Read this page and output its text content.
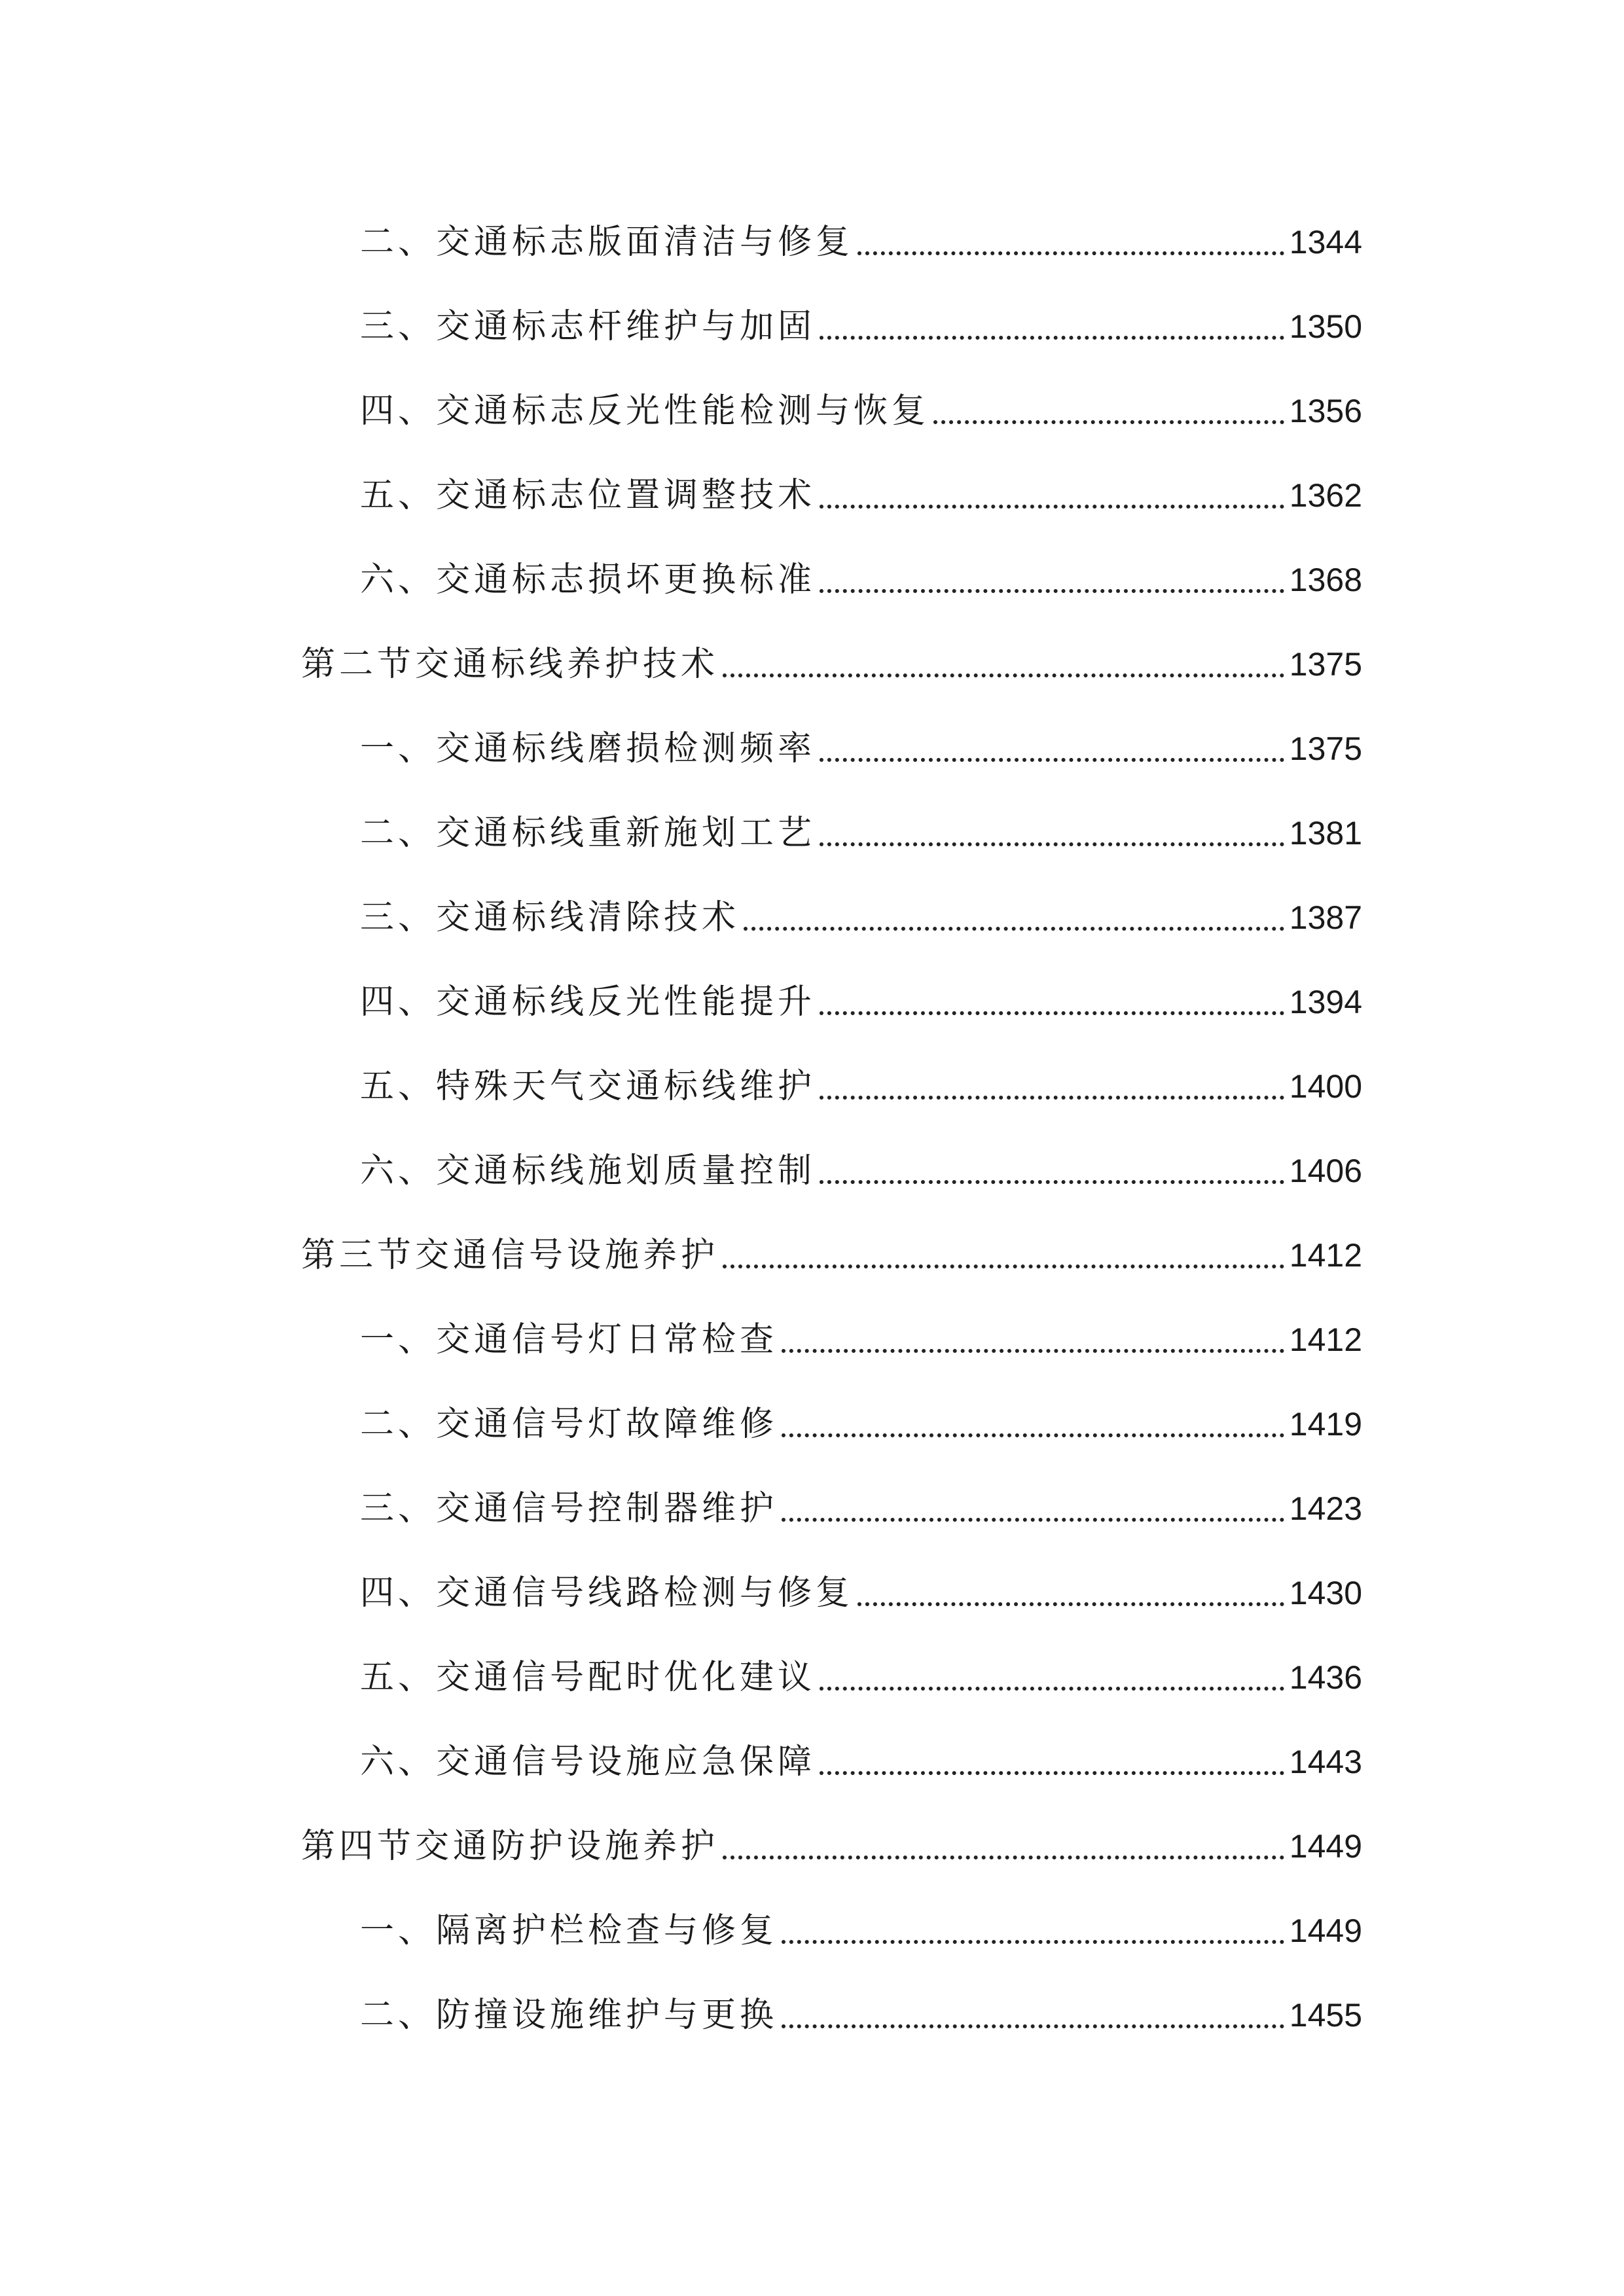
二、交通标志版面清洁与修复	1344
三、交通标志杆维护与加固	1350
四、交通标志反光性能检测与恢复	1356
五、交通标志位置调整技术	1362
六、交通标志损坏更换标准	1368
第二节交通标线养护技术	1375
一、交通标线磨损检测频率	1375
二、交通标线重新施划工艺	1381
三、交通标线清除技术	1387
四、交通标线反光性能提升	1394
五、特殊天气交通标线维护	1400
六、交通标线施划质量控制	1406
第三节交通信号设施养护	1412
一、交通信号灯日常检查	1412
二、交通信号灯故障维修	1419
三、交通信号控制器维护	1423
四、交通信号线路检测与修复	1430
五、交通信号配时优化建议	1436
六、交通信号设施应急保障	1443
第四节交通防护设施养护	1449
一、隔离护栏检查与修复	1449
二、防撞设施维护与更换	1455
